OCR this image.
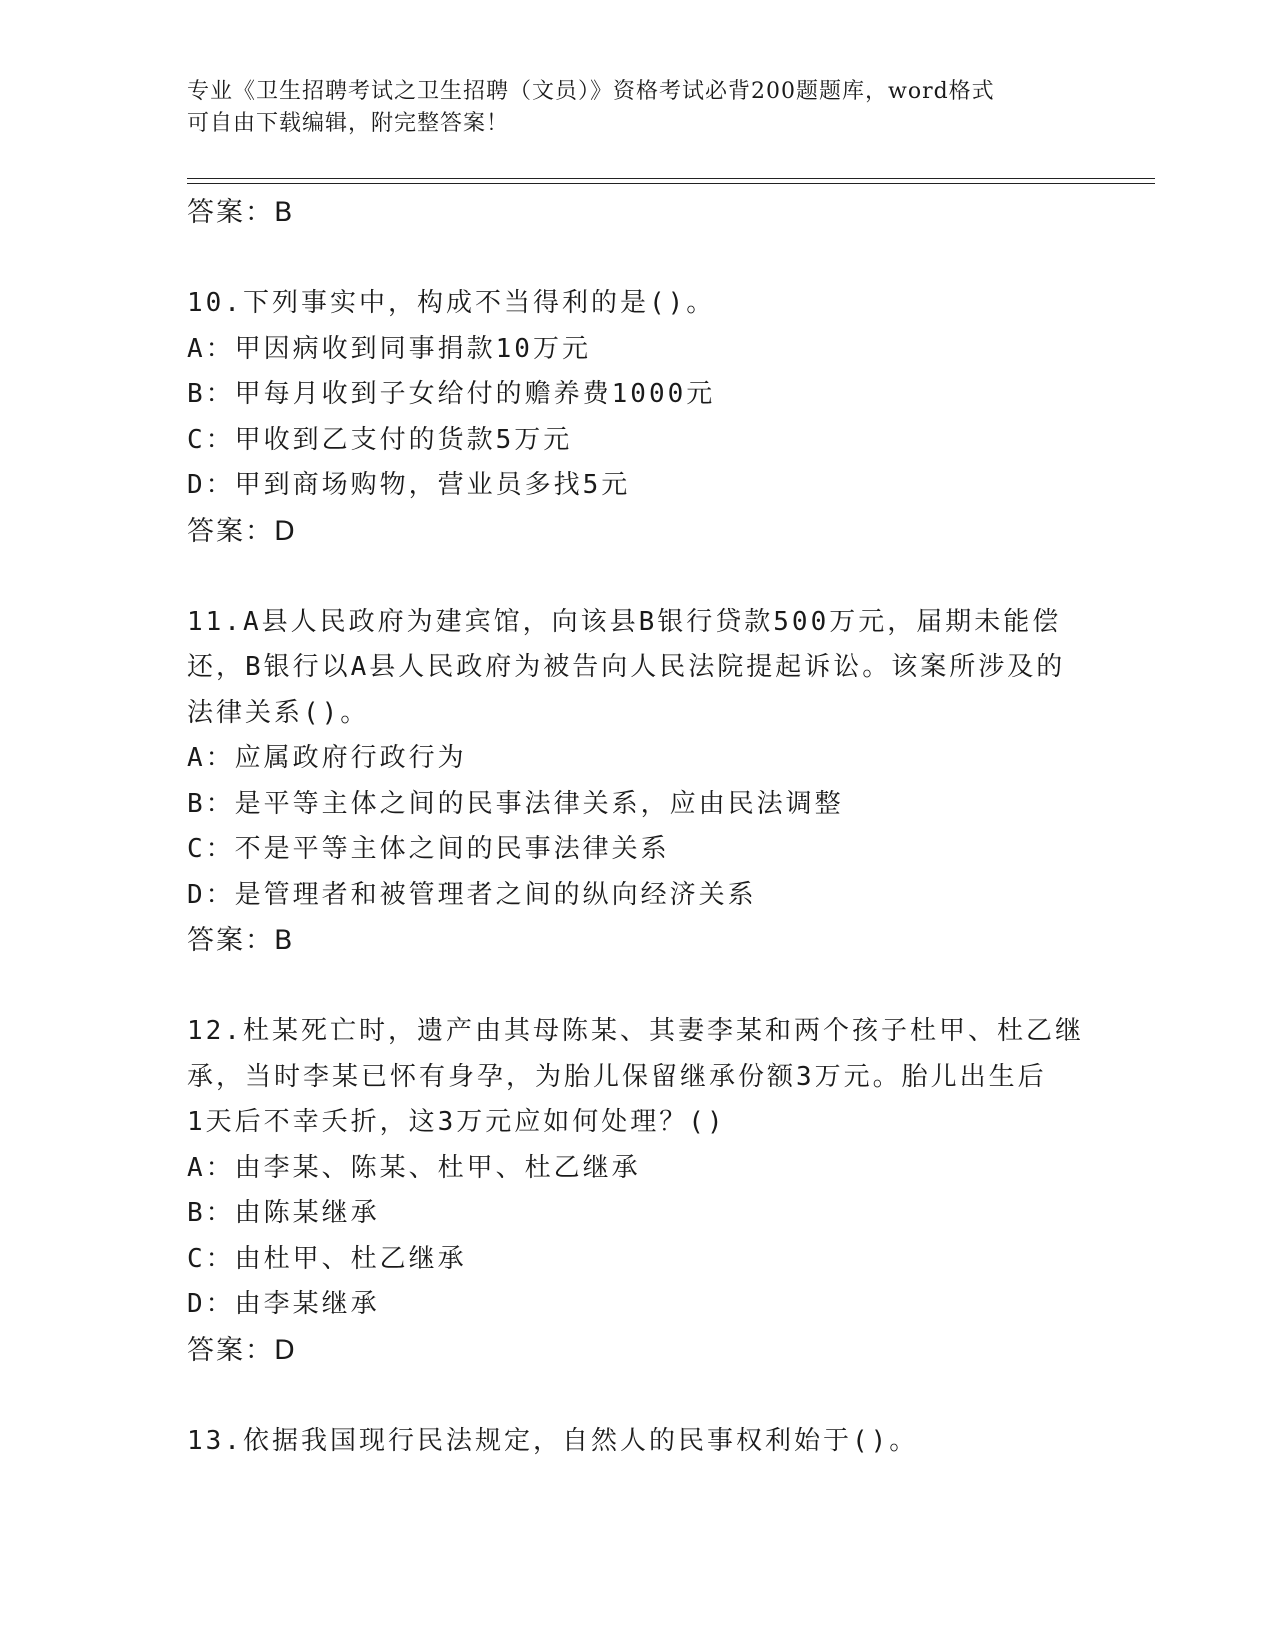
专业《卫生招聘考试之卫生招聘（文员）》资格考试必背200题题库，word格式
可自由下载编辑，附完整答案！
答案：B
10.下列事实中，构成不当得利的是()。
A：甲因病收到同事捐款10万元
B：甲每月收到子女给付的赡养费1000元
C：甲收到乙支付的货款5万元
D：甲到商场购物，营业员多找5元
答案：D
11.A县人民政府为建宾馆，向该县B银行贷款500万元，届期未能偿
还，B银行以A县人民政府为被告向人民法院提起诉讼。该案所涉及的
法律关系()。
A：应属政府行政行为
B：是平等主体之间的民事法律关系，应由民法调整
C：不是平等主体之间的民事法律关系
D：是管理者和被管理者之间的纵向经济关系
答案：B
12.杜某死亡时，遗产由其母陈某、其妻李某和两个孩子杜甲、杜乙继
承，当时李某已怀有身孕，为胎儿保留继承份额3万元。胎儿出生后
1天后不幸夭折，这3万元应如何处理？()
A：由李某、陈某、杜甲、杜乙继承
B：由陈某继承
C：由杜甲、杜乙继承
D：由李某继承
答案：D
13.依据我国现行民法规定，自然人的民事权利始于()。
